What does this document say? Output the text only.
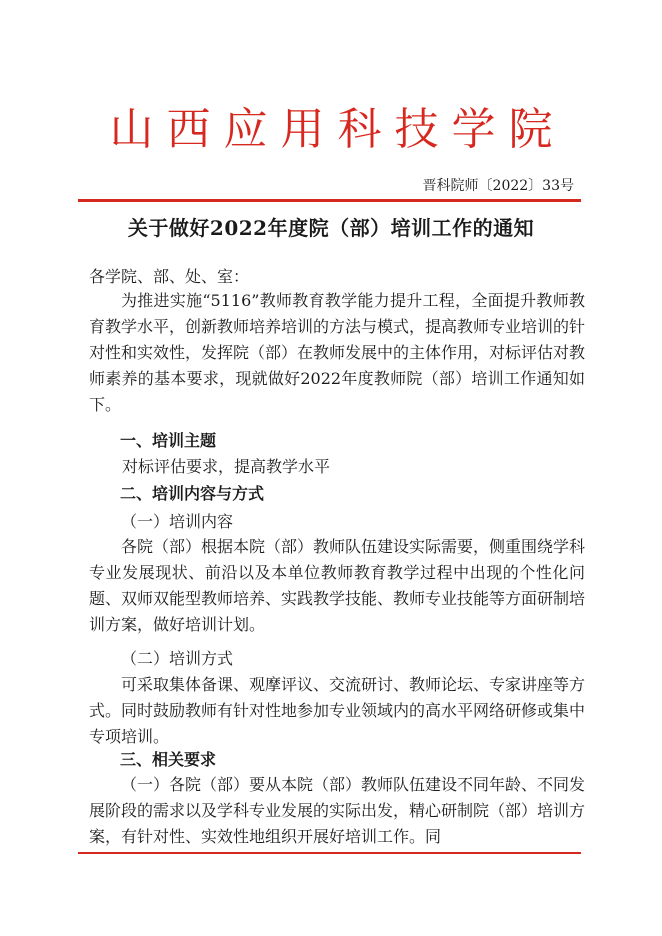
山西应用科技学院
晋科院师〔2022〕33号
关于做好2022年度院（部）培训工作的通知
各学院、部、处、室：
为推进实施“5116”教师教育教学能力提升工程，全面提升教师教育教学水平，创新教师培养培训的方法与模式，提高教师专业培训的针对性和实效性，发挥院（部）在教师发展中的主体作用，对标评估对教师素养的基本要求，现就做好2022年度教师院（部）培训工作通知如下。
一、培训主题
对标评估要求，提高教学水平
二、培训内容与方式
（一）培训内容
各院（部）根据本院（部）教师队伍建设实际需要，侧重围绕学科专业发展现状、前沿以及本单位教师教育教学过程中出现的个性化问题、双师双能型教师培养、实践教学技能、教师专业技能等方面研制培训方案，做好培训计划。
（二）培训方式
可采取集体备课、观摩评议、交流研讨、教师论坛、专家讲座等方式。同时鼓励教师有针对性地参加专业领域内的高水平网络研修或集中专项培训。
三、相关要求
（一）各院（部）要从本院（部）教师队伍建设不同年龄、不同发展阶段的需求以及学科专业发展的实际出发，精心研制院（部）培训方案，有针对性、实效性地组织开展好培训工作。同
